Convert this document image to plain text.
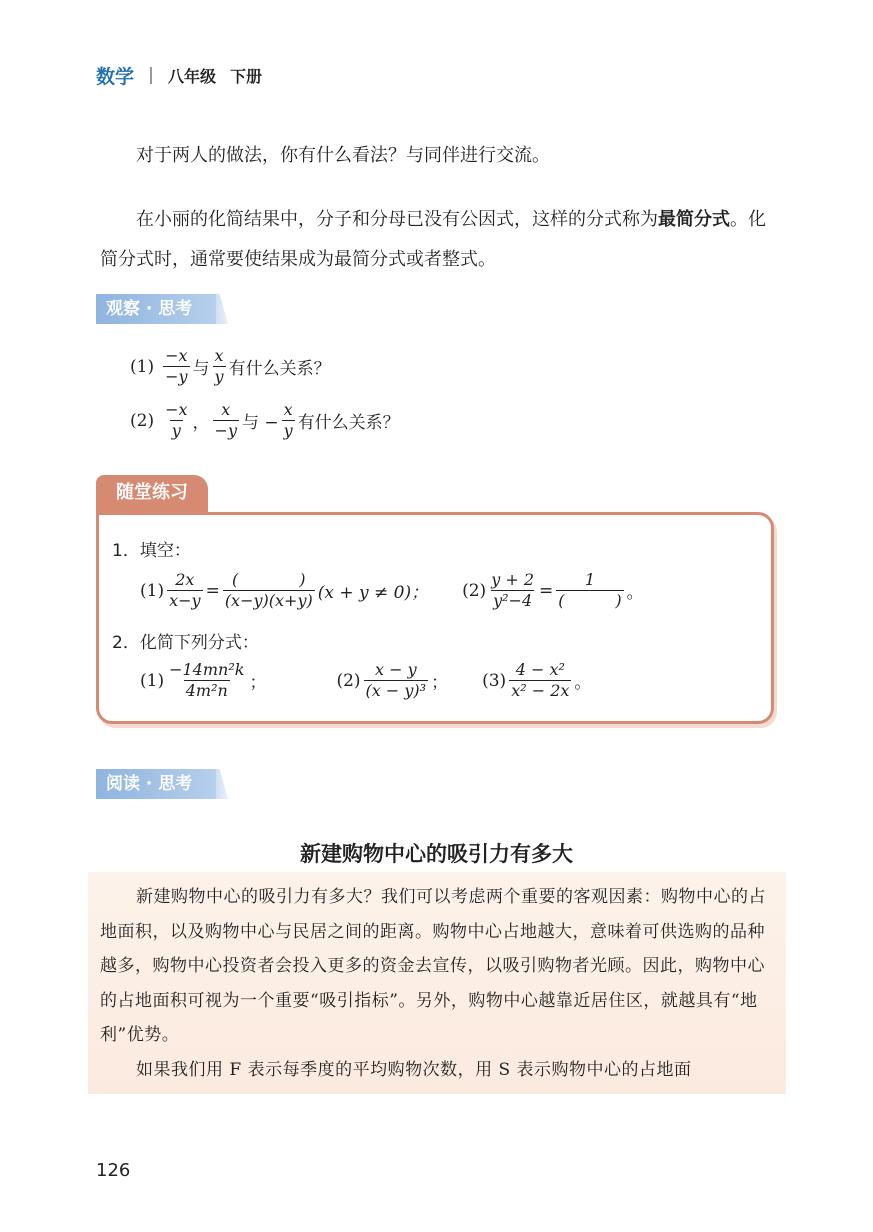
数学 八年级 下册
对于两人的做法，你有什么看法？与同伴进行交流。
在小丽的化简结果中，分子和分母已没有公因式，这样的分式称为最简分式。化简分式时，通常要使结果成为最简分式或者整式。
观察 · 思考
$(1) \frac{-x}{-y}$ 与 $\frac{x}{y}$ 有什么关系？
$(2) \frac{-x}{y}$ ， $\frac{x}{-y}$ 与 − $\frac{x}{y}$ 有什么关系？
随堂练习
1．填空：
$(1) \frac{2x}{x-y} = \frac{( )}{(x-y)(x+y)} (x + y \ne 0)$； $(2) \frac{y + 2}{\text{y²−4}} = \frac{1}{( )}$ 。
2．化简下列分式：
$(1) \frac{\text{−14mn²k}}{\text{4m²n}}$ ；	$(2) \frac{x - y}{\text{(x − y)³}}$ ； $(3) \frac{\text{4 − x²}}{\text{x² − 2x}}$ 。
阅读 · 思考
新建购物中心的吸引力有多大

新建购物中心的吸引力有多大？我们可以考虑两个重要的客观因素：购物中心的占地面积，以及购物中心与民居之间的距离。购物中心占地越大，意味着可供选购的品种越多，购物中心投资者会投入更多的资金去宣传，以吸引购物者光顾。因此，购物中心的占地面积可视为一个重要“吸引指标”。另外，购物中心越靠近居住区，就越具有“地利”优势。

如果我们用 F 表示每季度的平均购物次数，用 S 表示购物中心的占地面

126
